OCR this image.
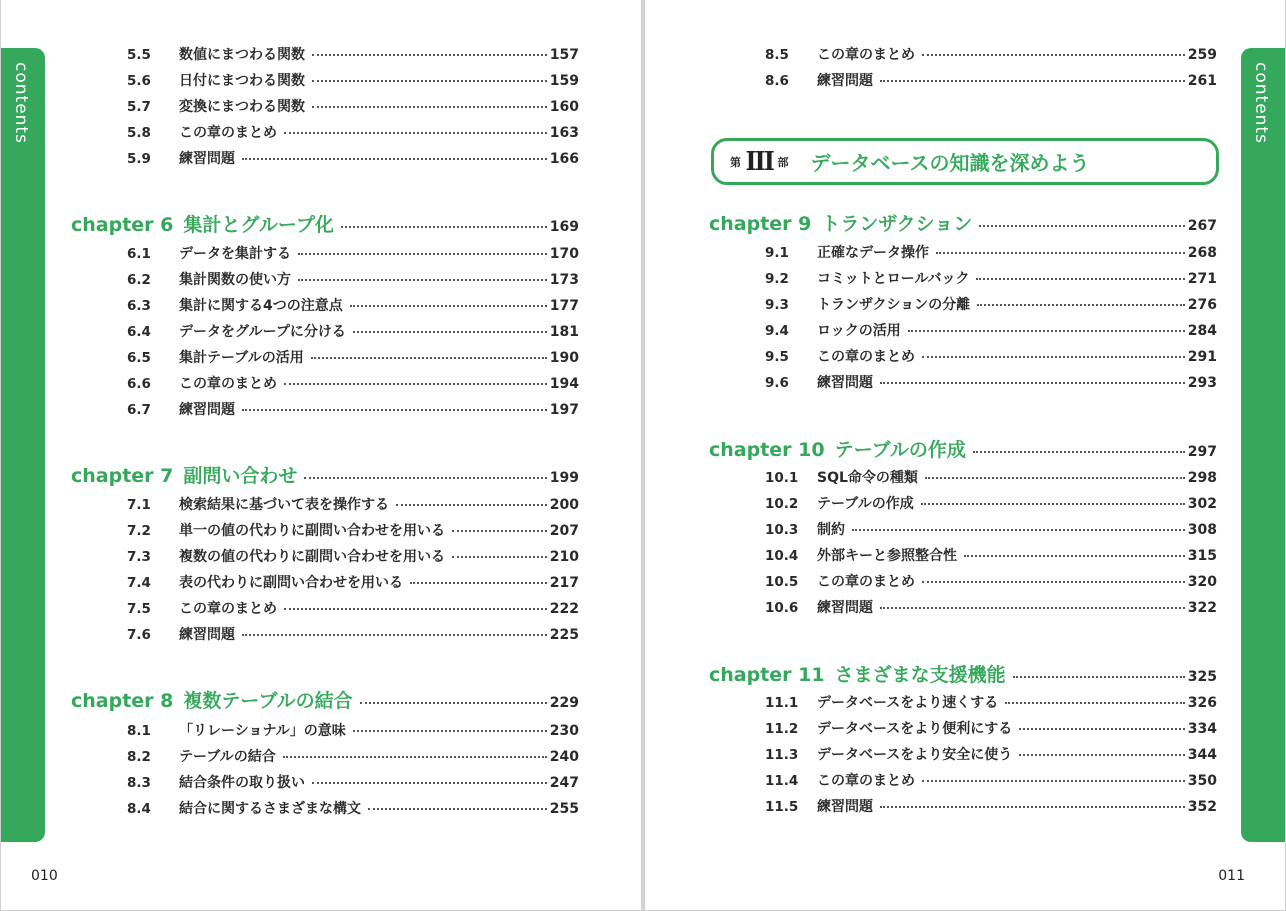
contents
5.5	数値にまつわる関数	157
5.6	日付にまつわる関数	159
5.7	変換にまつわる関数	160
5.8	この章のまとめ	163
5.9	練習問題	166
chapter 6 集計とグループ化	169
6.1	データを集計する	170
6.2	集計関数の使い方	173
6.3	集計に関する4つの注意点	177
6.4	データをグループに分ける	181
6.5	集計テーブルの活用	190
6.6	この章のまとめ	194
6.7	練習問題	197
chapter 7 副問い合わせ	199
7.1	検索結果に基づいて表を操作する	200
7.2	単一の値の代わりに副問い合わせを用いる	207
7.3	複数の値の代わりに副問い合わせを用いる	210
7.4	表の代わりに副問い合わせを用いる	217
7.5	この章のまとめ	222
7.6	練習問題	225
chapter 8 複数テーブルの結合	229
8.1	「リレーショナル」の意味	230
8.2	テーブルの結合	240
8.3	結合条件の取り扱い	247
8.4	結合に関するさまざまな構文	255
010
第 III 部 データベースの知識を深めよう
8.5	この章のまとめ	259
8.6	練習問題	261
chapter 9 トランザクション	267
9.1	正確なデータ操作	268
9.2	コミットとロールバック	271
9.3	トランザクションの分離	276
9.4	ロックの活用	284
9.5	この章のまとめ	291
9.6	練習問題	293
chapter 10 テーブルの作成	297
10.1	SQL命令の種類	298
10.2	テーブルの作成	302
10.3	制約	308
10.4	外部キーと参照整合性	315
10.5	この章のまとめ	320
10.6	練習問題	322
chapter 11 さまざまな支援機能	325
11.1	データベースをより速くする	326
11.2	データベースをより便利にする	334
11.3	データベースをより安全に使う	344
11.4	この章のまとめ	350
11.5	練習問題	352
contents
011
